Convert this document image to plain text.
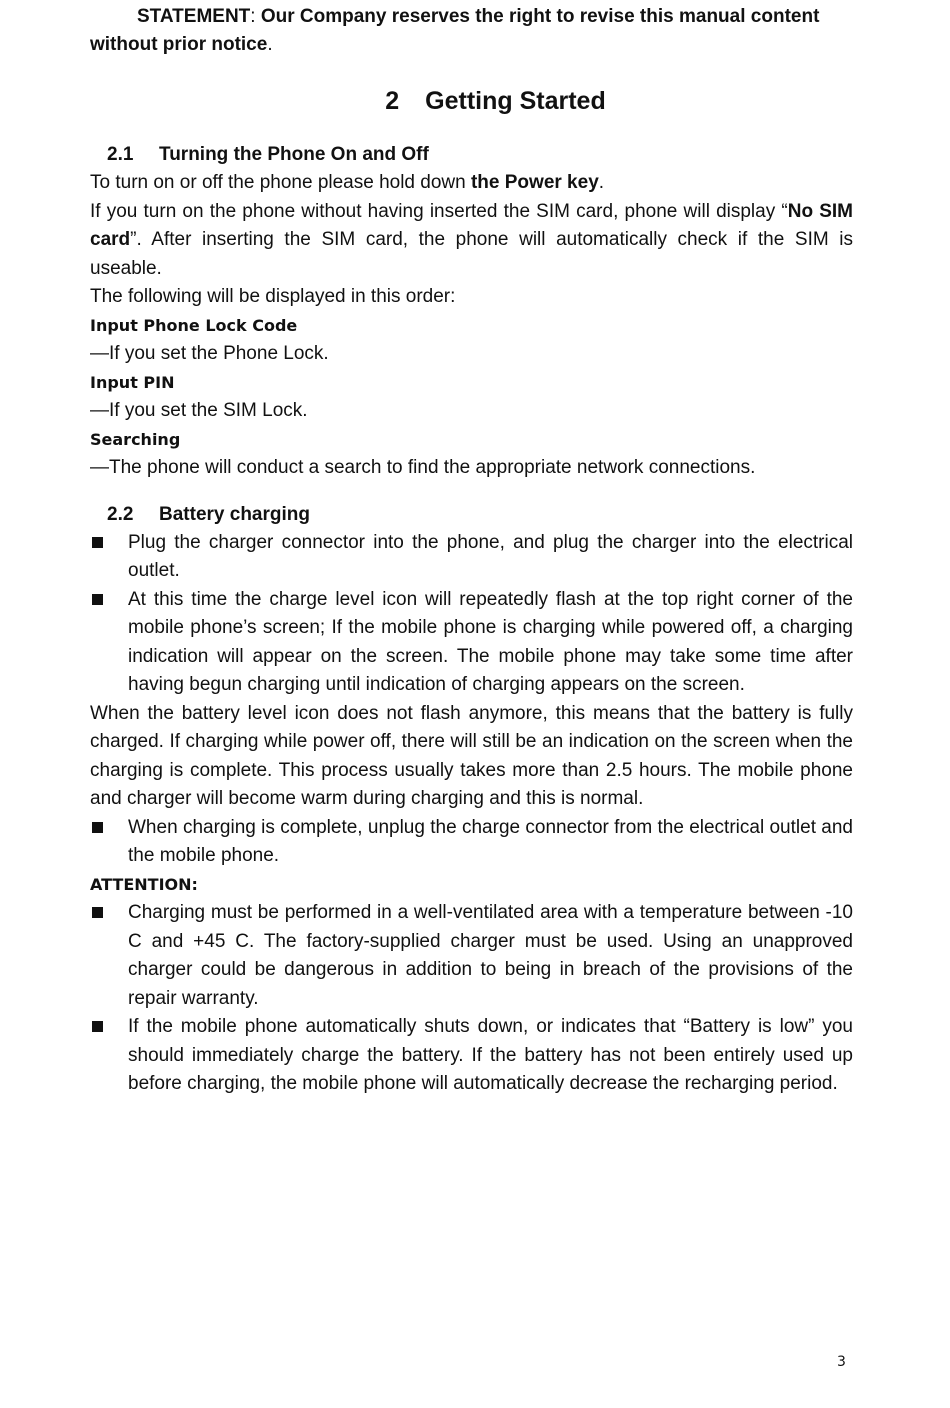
STATEMENT: Our Company reserves the right to revise this manual content without prior notice.

2 Getting Started
2.1 Turning the Phone On and Off

To turn on or off the phone please hold down the Power key.

If you turn on the phone without having inserted the SIM card, phone will display “No SIM card”. After inserting the SIM card, the phone will automatically check if the SIM is useable.

The following will be displayed in this order:

Input Phone Lock Code

—If you set the Phone Lock.

Input PIN

—If you set the SIM Lock.

Searching

—The phone will conduct a search to find the appropriate network connections.

2.2 Battery charging
Plug the charger connector into the phone, and plug the charger into the electrical outlet.
At this time the charge level icon will repeatedly flash at the top right corner of the mobile phone’s screen; If the mobile phone is charging while powered off, a charging indication will appear on the screen. The mobile phone may take some time after having begun charging until indication of charging appears on the screen.

When the battery level icon does not flash anymore, this means that the battery is fully charged. If charging while power off, there will still be an indication on the screen when the charging is complete. This process usually takes more than 2.5 hours. The mobile phone and charger will become warm during charging and this is normal.

When charging is complete, unplug the charge connector from the electrical outlet and the mobile phone.

ATTENTION:

Charging must be performed in a well-ventilated area with a temperature between -10 C and +45 C. The factory-supplied charger must be used. Using an unapproved charger could be dangerous in addition to being in breach of the provisions of the repair warranty.
If the mobile phone automatically shuts down, or indicates that “Battery is low” you should immediately charge the battery. If the battery has not been entirely used up before charging, the mobile phone will automatically decrease the recharging period.
3
